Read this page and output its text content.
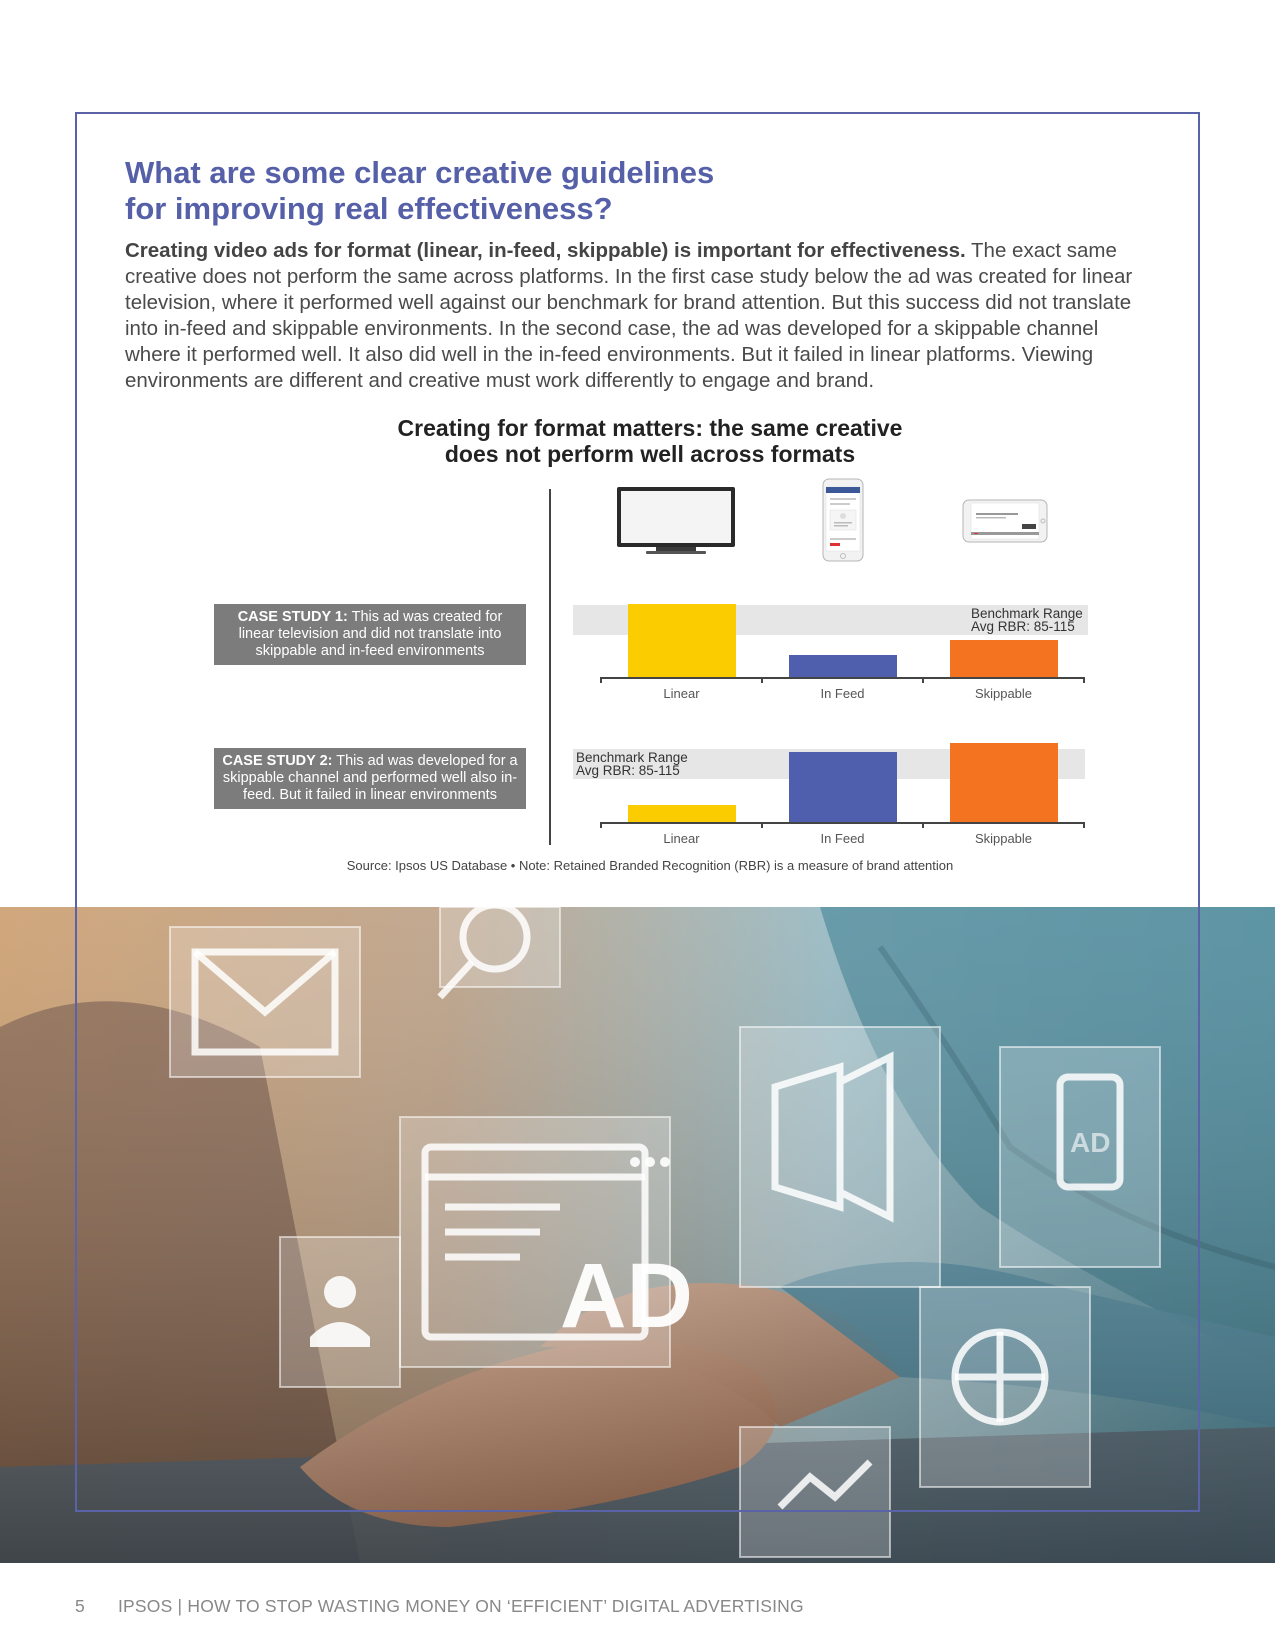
What are some clear creative guidelines
for improving real effectiveness?

Creating video ads for format (linear, in-feed, skippable) is important for effectiveness. The exact same creative does not perform the same across platforms. In the first case study below the ad was created for linear television, where it performed well against our benchmark for brand attention. But this success did not translate into in-feed and skippable environments. In the second case, the ad was developed for a skippable channel where it performed well. It also did well in the in-feed environments. But it failed in linear platforms. Viewing environments are different and creative must work differently to engage and brand.

Creating for format matters: the same creative
does not perform well across formats
CASE STUDY 1: This ad was created for linear television and did not translate into skippable and in-feed environments
CASE STUDY 2: This ad was developed for a skippable channel and performed well also in-feed. But it failed in linear environments
Benchmark Range
Avg RBR: 85-115
Linear	In Feed	Skippable
Benchmark Range
Avg RBR: 85-115
Linear	In Feed	Skippable
Source: Ipsos US Database • Note: Retained Branded Recognition (RBR) is a measure of brand attention
AD
AD
5 IPSOS | HOW TO STOP WASTING MONEY ON ‘EFFICIENT’ DIGITAL ADVERTISING
